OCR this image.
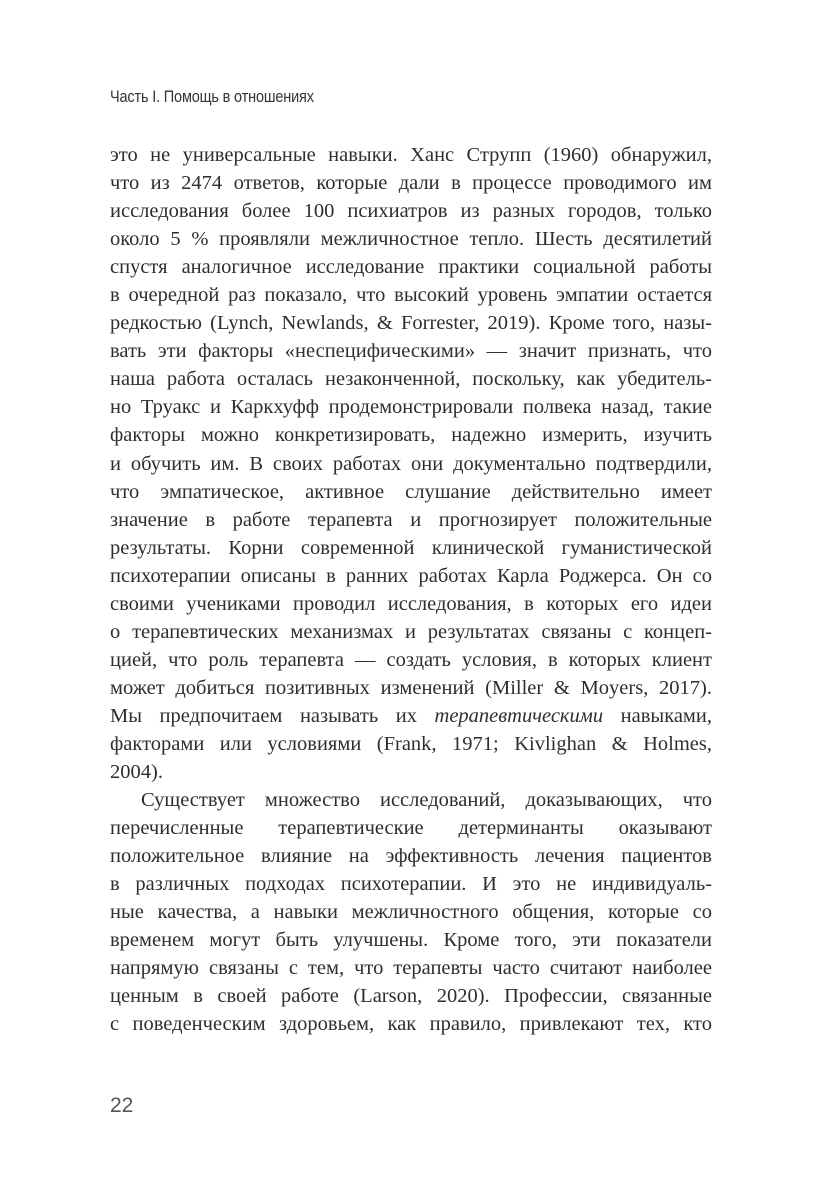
Часть I. Помощь в отношениях
это не универсальные навыки. Ханс Струпп (1960) обнаружил,
что из 2474 ответов, которые дали в процессе проводимого им
исследования более 100 психиатров из разных городов, только
около 5 % проявляли межличностное тепло. Шесть десятилетий
спустя аналогичное исследование практики социальной работы
в очередной раз показало, что высокий уровень эмпатии остается
редкостью (Lynch, Newlands, & Forrester, 2019). Кроме того, назы-
вать эти факторы «неспецифическими» — значит признать, что
наша работа осталась незаконченной, поскольку, как убедитель-
но Труакс и Каркхуфф продемонстрировали полвека назад, такие
факторы можно конкретизировать, надежно измерить, изучить
и обучить им. В своих работах они документально подтвердили,
что эмпатическое, активное слушание действительно имеет
значение в работе терапевта и прогнозирует положительные
результаты. Корни современной клинической гуманистической
психотерапии описаны в ранних работах Карла Роджерса. Он со
своими учениками проводил исследования, в которых его идеи
о терапевтических механизмах и результатах связаны с концеп-
цией, что роль терапевта — создать условия, в которых клиент
может добиться позитивных изменений (Miller & Moyers, 2017).
Мы предпочитаем называть их терапевтическими навыками,
факторами или условиями (Frank, 1971; Kivlighan & Holmes,
2004).
Существует множество исследований, доказывающих, что
перечисленные терапевтические детерминанты оказывают
положительное влияние на эффективность лечения пациентов
в различных подходах психотерапии. И это не индивидуаль-
ные качества, а навыки межличностного общения, которые со
временем могут быть улучшены. Кроме того, эти показатели
напрямую связаны с тем, что терапевты часто считают наиболее
ценным в своей работе (Larson, 2020). Профессии, связанные
с поведенческим здоровьем, как правило, привлекают тех, кто
22
